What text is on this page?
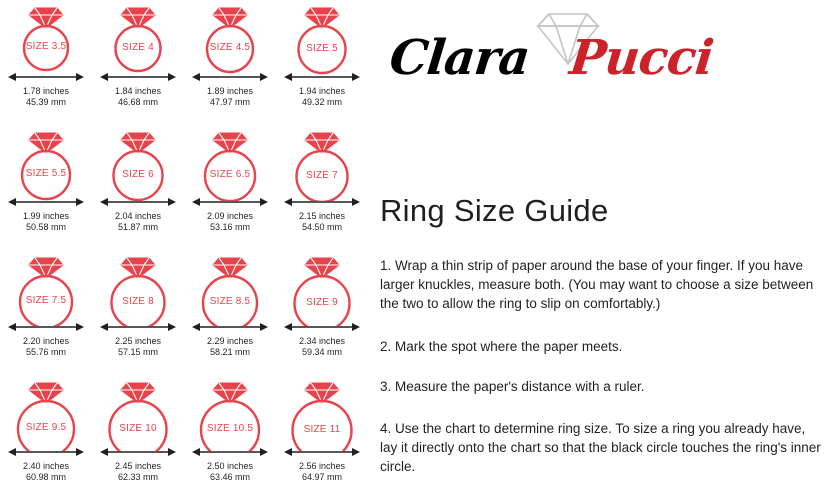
SIZE 3.5
1.78 inches
45.39 mm
SIZE 4
1.84 inches
46.68 mm
SIZE 4.5
1.89 inches
47.97 mm
SIZE 5
1.94 inches
49.32 mm
SIZE 5.5
1.99 inches
50.58 mm
SIZE 6
2.04 inches
51.87 mm
SIZE 6.5
2.09 inches
53.16 mm
SIZE 7
2.15 inches
54.50 mm
SIZE 7.5
2.20 inches
55.76 mm
SIZE 8
2.25 inches
57.15 mm
SIZE 8.5
2.29 inches
58.21 mm
SIZE 9
2.34 inches
59.34 mm
SIZE 9.5
2.40 inches
60.98 mm
SIZE 10
2.45 inches
62.33 mm
SIZE 10.5
2.50 inches
63.46 mm
SIZE 11
2.56 inches
64.97 mm
Clara Pucci
Ring Size Guide
1. Wrap a thin strip of paper around the base of your finger. If you have larger knuckles, measure both. (You may want to choose a size between the two to allow the ring to slip on comfortably.)
2. Mark the spot where the paper meets.
3. Measure the paper's distance with a ruler.
4. Use the chart to determine ring size. To size a ring you already have, lay it directly onto the chart so that the black circle touches the ring's inner circle.
